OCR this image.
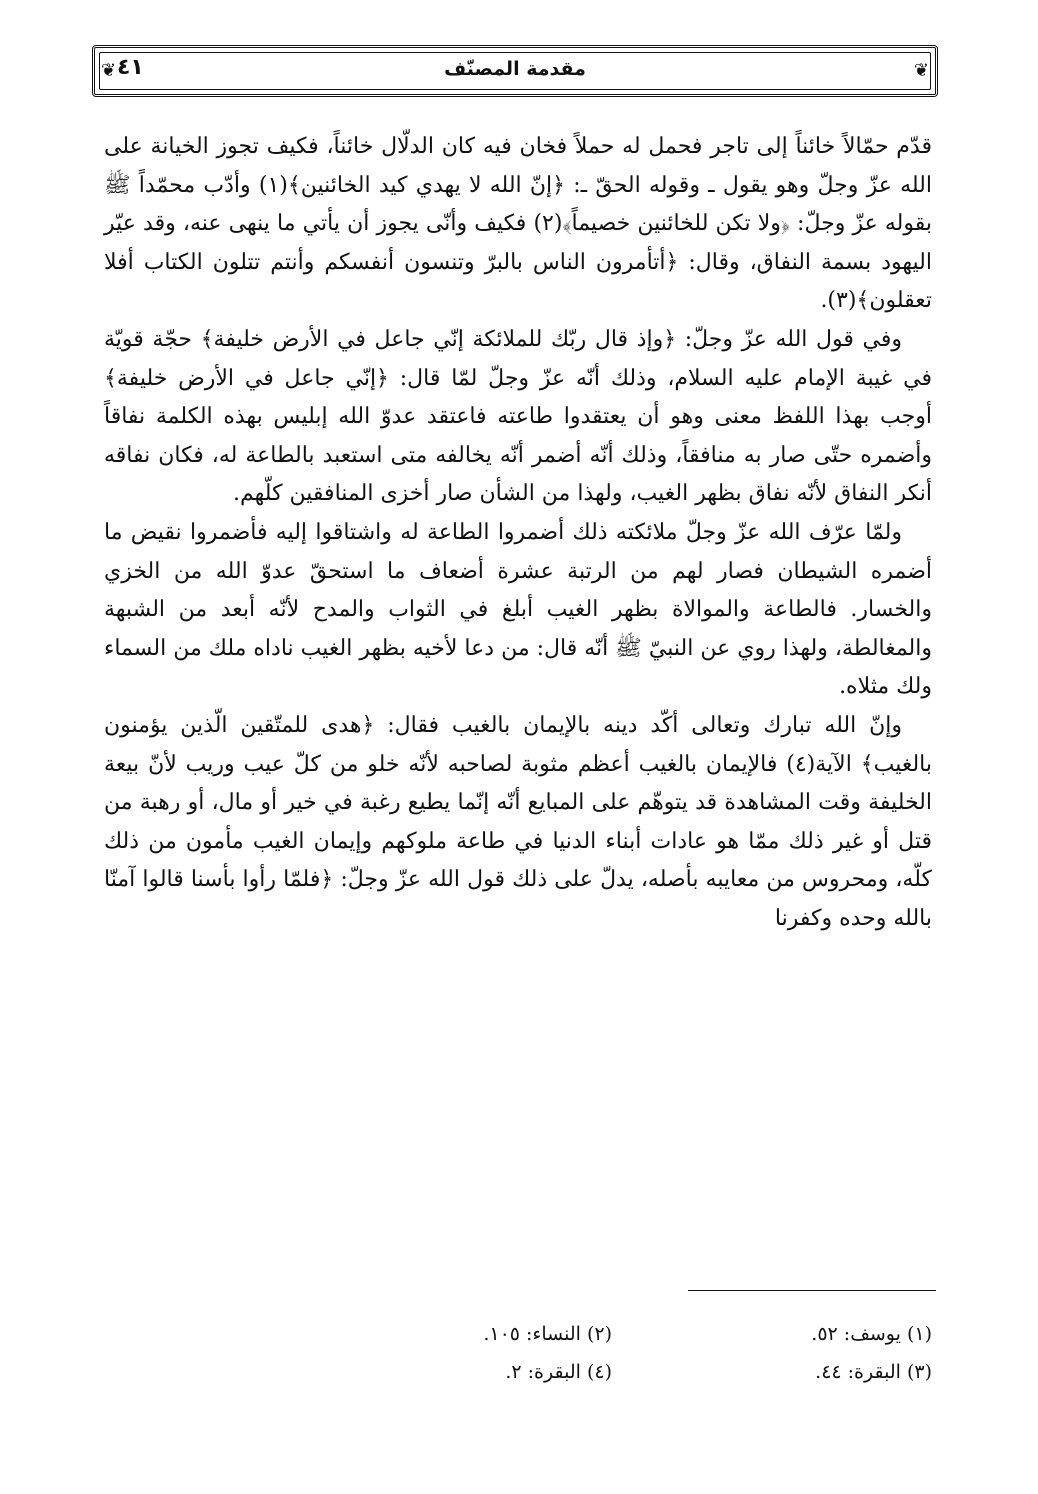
❦	❦
٤١	مقدمة المصنّف

قدّم حمّالاً خائناً إلى تاجر فحمل له حملاً فخان فيه كان الدلّال خائناً، فكيف تجوز الخيانة على الله عزّ وجلّ وهو يقول ـ وقوله الحقّ ـ: ﴿إنّ الله لا يهدي كيد الخائنين﴾(١) وأدّب محمّداً ﷺ بقوله عزّ وجلّ: ﴿ولا تكن للخائنين خصيماً﴾(٢) فكيف وأنّى يجوز أن يأتي ما ينهى عنه، وقد عيّر اليهود بسمة النفاق، وقال: ﴿أتأمرون الناس بالبرّ وتنسون أنفسكم وأنتم تتلون الكتاب أفلا تعقلون﴾(٣).

وفي قول الله عزّ وجلّ: ﴿وإذ قال ربّك للملائكة إنّي جاعل في الأرض خليفة﴾ حجّة قويّة في غيبة الإمام عليه السلام، وذلك أنّه عزّ وجلّ لمّا قال: ﴿إنّي جاعل في الأرض خليفة﴾ أوجب بهذا اللفظ معنى وهو أن يعتقدوا طاعته فاعتقد عدوّ الله إبليس بهذه الكلمة نفاقاً وأضمره حتّى صار به منافقاً، وذلك أنّه أضمر أنّه يخالفه متى استعبد بالطاعة له، فكان نفاقه أنكر النفاق لأنّه نفاق بظهر الغيب، ولهذا من الشأن صار أخزى المنافقين كلّهم.

ولمّا عرّف الله عزّ وجلّ ملائكته ذلك أضمروا الطاعة له واشتاقوا إليه فأضمروا نقيض ما أضمره الشيطان فصار لهم من الرتبة عشرة أضعاف ما استحقّ عدوّ الله من الخزي والخسار. فالطاعة والموالاة بظهر الغيب أبلغ في الثواب والمدح لأنّه أبعد من الشبهة والمغالطة، ولهذا روي عن النبيّ ﷺ أنّه قال: من دعا لأخيه بظهر الغيب ناداه ملك من السماء ولك مثلاه.

وإنّ الله تبارك وتعالى أكّد دينه بالإيمان بالغيب فقال: ﴿هدى للمتّقين الّذين يؤمنون بالغيب﴾ الآية(٤) فالإيمان بالغيب أعظم مثوبة لصاحبه لأنّه خلو من كلّ عيب وريب لأنّ بيعة الخليفة وقت المشاهدة قد يتوهّم على المبايع أنّه إنّما يطيع رغبة في خير أو مال، أو رهبة من قتل أو غير ذلك ممّا هو عادات أبناء الدنيا في طاعة ملوكهم وإيمان الغيب مأمون من ذلك كلّه، ومحروس من معايبه بأصله، يدلّ على ذلك قول الله عزّ وجلّ: ﴿فلمّا رأوا بأسنا قالوا آمنّا بالله وحده وكفرنا

(١) يوسف: ٥٢.
(٢) النساء: ١٠٥.
(٣) البقرة: ٤٤.
(٤) البقرة: ٢.
